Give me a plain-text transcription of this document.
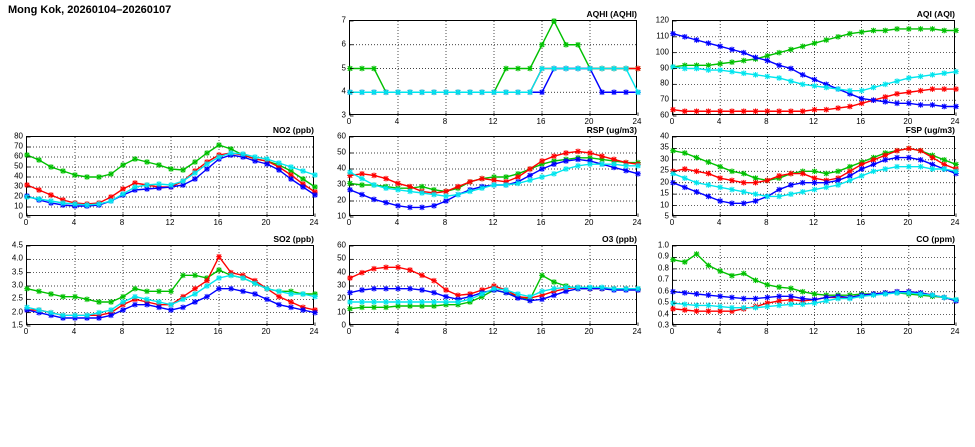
Mong Kok, 20260104–20260107	AQHI (AQHI)
0	4	8	12	16	20	24
3
4
5
6
7
AQI (AQI)
0	4	8	12	16	20	24
60
70
80
90
100
110
120
NO2 (ppb)
0	4	8	12	16	20	24
0
10
20
30
40
50
60
70
80
RSP (ug/m3)
0	4	8	12	16	20	24
10
20
30
40
50
60
FSP (ug/m3)
0	4	8	12	16	20	24
5
10
15
20
25
30
35
40
SO2 (ppb)
0	4	8	12	16	20	24
1.5
2.0
2.5
3.0
3.5
4.0
4.5
O3 (ppb)
0	4	8	12	16	20	24
0
10
20
30
40
50
60
CO (ppm)
0	4	8	12	16	20	24
0.3
0.4
0.5
0.6
0.7
0.8
0.9
1.0
